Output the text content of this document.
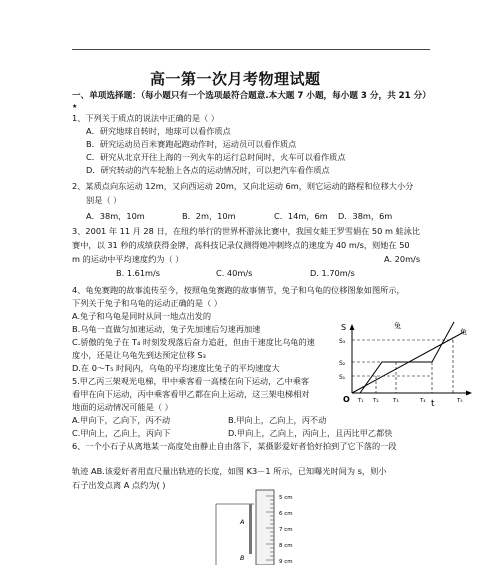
高一第一次月考物理试题
一、单项选择题：（每小题只有一个选项最符合题意.本大题 7 小题，每小题 3 分，共 21 分）
★
1、下列关于质点的说法中正确的是（ ）
A．研究地球自转时，地球可以看作质点
B．研究运动员百米赛跑起跑动作时，运动员可以看作质点
C．研究从北京开往上海的一列火车的运行总时间时，火车可以看作质点
D．研究转动的汽车轮胎上各点的运动情况时，可以把汽车看作质点
2、某质点向东运动 12m，又向西运动 20m，又向北运动 6m，则它运动的路程和位移大小分
别是（ ）
A．38m，10m	B．2m，10m	C．14m，6m D．38m，6m
3、2001 年 11 月 28 日，在纽约举行的世界杯游泳比赛中，我国女蛙王罗雪娟在 50 m 蛙泳比
赛中，以 31 秒的成绩获得金牌，高科技记录仪测得她冲刺终点的速度为 40 m/s，则她在 50
m 的运动中平均速度约为（ ）	A. 20m/s
B. 1.61m/s	C. 40m/s	D. 1.70m/s
4、龟兔赛跑的故事流传至今，按照龟兔赛跑的故事情节，兔子和乌龟的位移图象如图所示，
下列关于兔子和乌龟的运动正确的是（ ）
A.兔子和乌龟是同时从同一地点出发的
B.乌龟一直做匀加速运动，兔子先加速后匀速再加速
C.骄傲的兔子在 T₄ 时刻发现落后奋力追赶，但由于速度比乌龟的速
度小，还是让乌龟先到达预定位移 S₃
D.在 0～T₅ 时间内，乌龟的平均速度比兔子的平均速度大
S
S₃
S₂
S₁
O	t
T₁ T₂	T₃	T₄	T₅
兔
龟
5.甲乙丙三架观光电梯，甲中乘客看一高楼在向下运动，乙中乘客
看甲在向下运动，丙中乘客看甲乙都在向上运动，这三架电梯相对
地面的运动情况可能是（ ）
A.甲向下，乙向下，丙不动	B.甲向上，乙向上，丙不动
C.甲向上，乙向上，丙向下	D.甲向上，乙向上，丙向上，且丙比甲乙都快
6、一个小石子从离地某一高度处由静止自由落下，某摄影爱好者恰好拍到了它下落的一段
轨迹 AB.该爱好者用直尺量出轨迹的长度，如图 K3－1 所示，已知曝光时间为 s，则小
石子出发点离 A 点约为( )
5 cm
6 cm
7 cm
8 cm
9 cm
A
B
